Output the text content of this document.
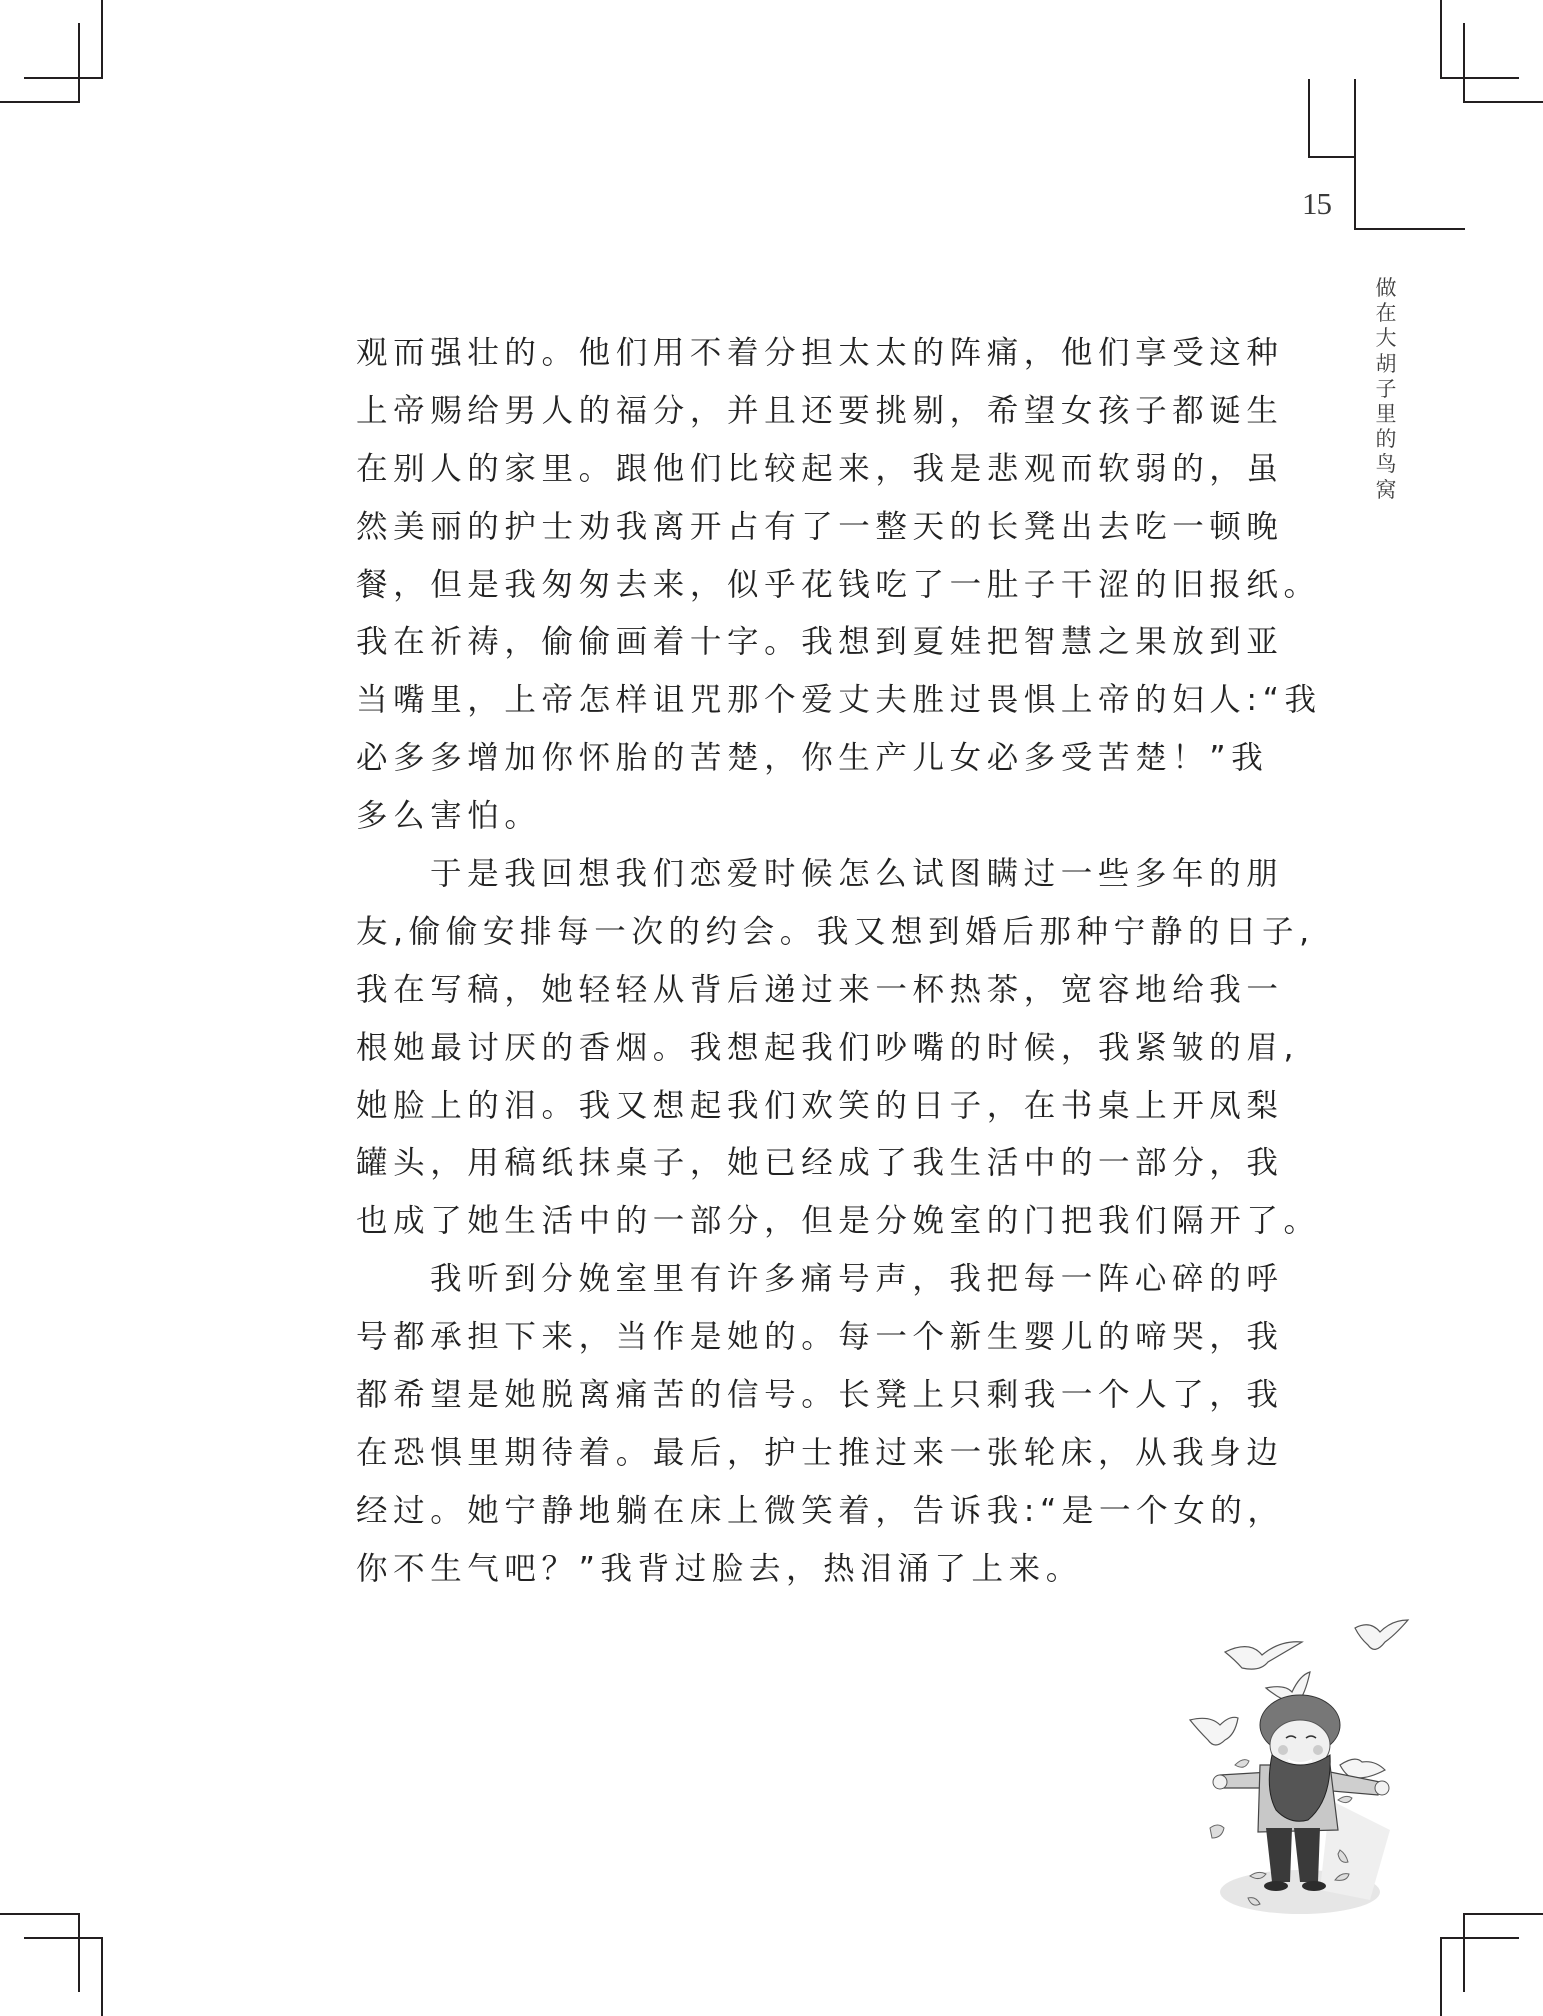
15
做在大胡子里的鸟窝
观而强壮的。他们用不着分担太太的阵痛，他们享受这种
上帝赐给男人的福分，并且还要挑剔，希望女孩子都诞生
在别人的家里。跟他们比较起来，我是悲观而软弱的，虽
然美丽的护士劝我离开占有了一整天的长凳出去吃一顿晚
餐，但是我匆匆去来，似乎花钱吃了一肚子干涩的旧报纸。
我在祈祷，偷偷画着十字。我想到夏娃把智慧之果放到亚
当嘴里，上帝怎样诅咒那个爱丈夫胜过畏惧上帝的妇人:“我
必多多增加你怀胎的苦楚，你生产儿女必多受苦楚！”我
多么害怕。
于是我回想我们恋爱时候怎么试图瞒过一些多年的朋
友,偷偷安排每一次的约会。我又想到婚后那种宁静的日子,
我在写稿，她轻轻从背后递过来一杯热茶，宽容地给我一
根她最讨厌的香烟。我想起我们吵嘴的时候，我紧皱的眉,
她脸上的泪。我又想起我们欢笑的日子，在书桌上开凤梨
罐头，用稿纸抹桌子，她已经成了我生活中的一部分，我
也成了她生活中的一部分，但是分娩室的门把我们隔开了。
我听到分娩室里有许多痛号声，我把每一阵心碎的呼
号都承担下来，当作是她的。每一个新生婴儿的啼哭，我
都希望是她脱离痛苦的信号。长凳上只剩我一个人了，我
在恐惧里期待着。最后，护士推过来一张轮床，从我身边
经过。她宁静地躺在床上微笑着，告诉我:“是一个女的，
你不生气吧？”我背过脸去，热泪涌了上来。
